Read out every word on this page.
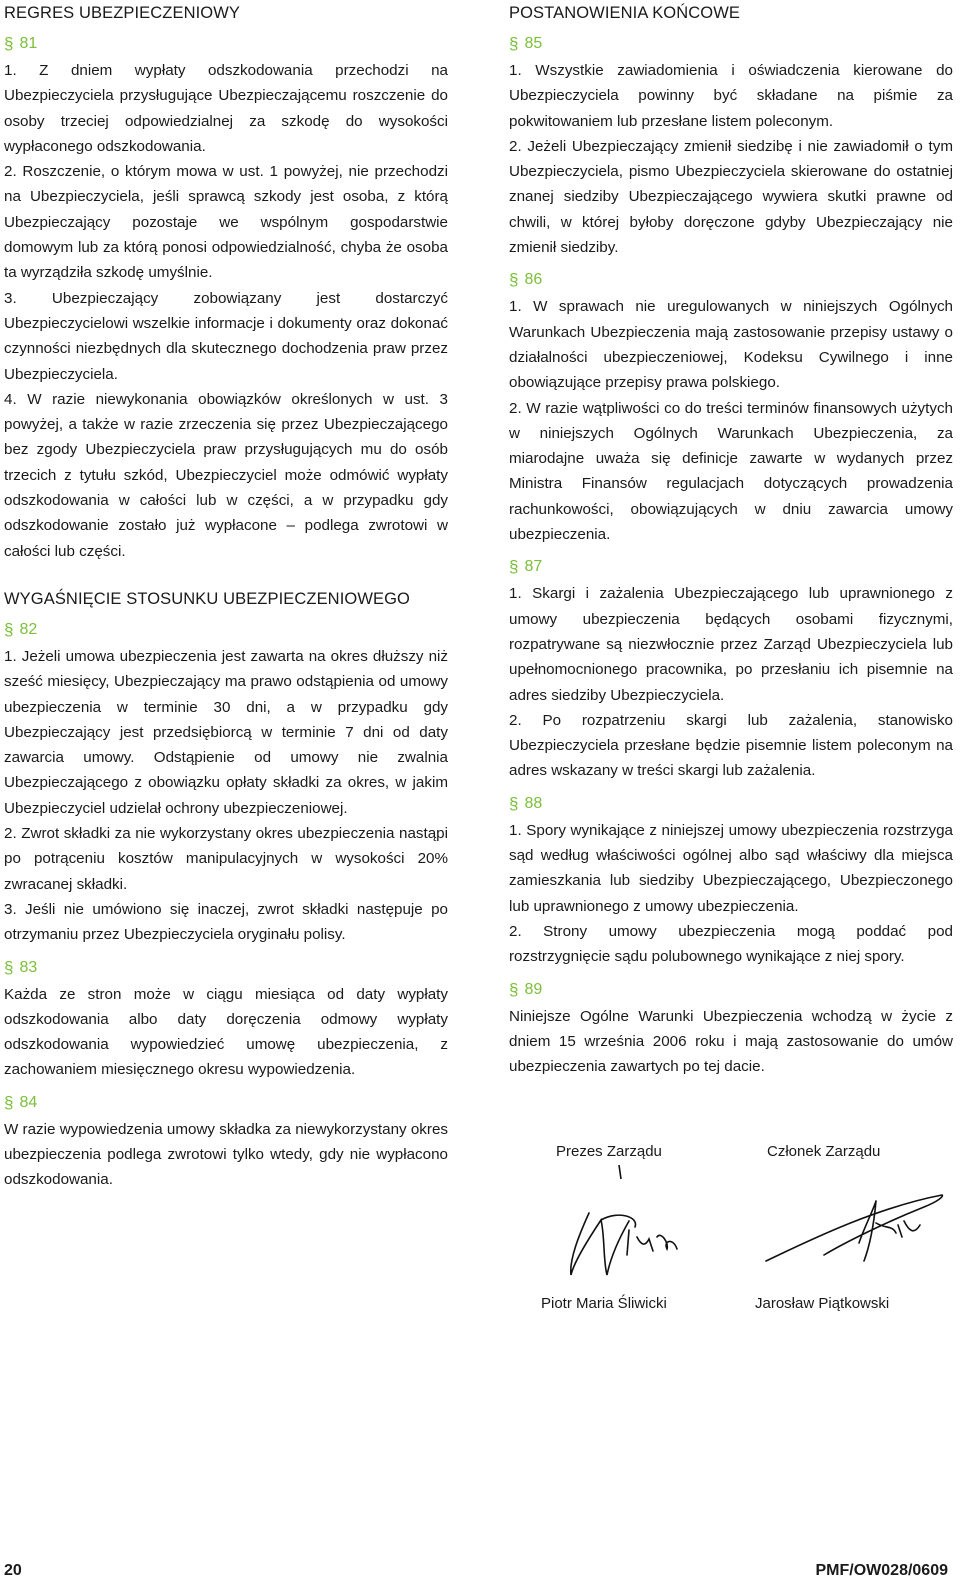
REGRES UBEZPIECZENIOWY
§ 81

1. Z dniem wypłaty odszkodowania przechodzi na Ubezpieczyciela przysługujące Ubezpieczającemu roszczenie do osoby trzeciej odpowiedzialnej za szkodę do wysokości wypłaconego odszkodowania.

2. Roszczenie, o którym mowa w ust. 1 powyżej, nie przechodzi na Ubezpieczyciela, jeśli sprawcą szkody jest osoba, z którą Ubezpieczający pozostaje we wspólnym gospodarstwie domowym lub za którą ponosi odpowiedzialność, chyba że osoba ta wyrządziła szkodę umyślnie.

3. Ubezpieczający zobowiązany jest dostarczyć Ubezpieczycielowi wszelkie informacje i dokumenty oraz dokonać czynności niezbędnych dla skutecznego dochodzenia praw przez Ubezpieczyciela.

4. W razie niewykonania obowiązków określonych w ust. 3 powyżej, a także w razie zrzeczenia się przez Ubezpieczającego bez zgody Ubezpieczyciela praw przysługujących mu do osób trzecich z tytułu szkód, Ubezpieczyciel może odmówić wypłaty odszkodowania w całości lub w części, a w przypadku gdy odszkodowanie zostało już wypłacone – podlega zwrotowi w całości lub części.

WYGAŚNIĘCIE STOSUNKU UBEZPIECZENIOWEGO
§ 82

1. Jeżeli umowa ubezpieczenia jest zawarta na okres dłuższy niż sześć miesięcy, Ubezpieczający ma prawo odstąpienia od umowy ubezpieczenia w terminie 30 dni, a w przypadku gdy Ubezpieczający jest przedsiębiorcą w terminie 7 dni od daty zawarcia umowy. Odstąpienie od umowy nie zwalnia Ubezpieczającego z obowiązku opłaty składki za okres, w jakim Ubezpieczyciel udzielał ochrony ubezpieczeniowej.

2. Zwrot składki za nie wykorzystany okres ubezpieczenia nastąpi po potrąceniu kosztów manipulacyjnych w wysokości 20% zwracanej składki.

3. Jeśli nie umówiono się inaczej, zwrot składki następuje po otrzymaniu przez Ubezpieczyciela oryginału polisy.

§ 83

Każda ze stron może w ciągu miesiąca od daty wypłaty odszkodowania albo daty doręczenia odmowy wypłaty odszkodowania wypowiedzieć umowę ubezpieczenia, z zachowaniem miesięcznego okresu wypowiedzenia.

§ 84

W razie wypowiedzenia umowy składka za niewykorzystany okres ubezpieczenia podlega zwrotowi tylko wtedy, gdy nie wypłacono odszkodowania.

POSTANOWIENIA KOŃCOWE
§ 85

1. Wszystkie zawiadomienia i oświadczenia kierowane do Ubezpieczyciela powinny być składane na piśmie za pokwitowaniem lub przesłane listem poleconym.

2. Jeżeli Ubezpieczający zmienił siedzibę i nie zawiadomił o tym Ubezpieczyciela, pismo Ubezpieczyciela skierowane do ostatniej znanej siedziby Ubezpieczającego wywiera skutki prawne od chwili, w której byłoby doręczone gdyby Ubezpieczający nie zmienił siedziby.

§ 86

1. W sprawach nie uregulowanych w niniejszych Ogólnych Warunkach Ubezpieczenia mają zastosowanie przepisy ustawy o działalności ubezpieczeniowej, Kodeksu Cywilnego i inne obowiązujące przepisy prawa polskiego.

2. W razie wątpliwości co do treści terminów finansowych użytych w niniejszych Ogólnych Warunkach Ubezpieczenia, za miarodajne uważa się definicje zawarte w wydanych przez Ministra Finansów regulacjach dotyczących prowadzenia rachunkowości, obowiązujących w dniu zawarcia umowy ubezpieczenia.

§ 87

1. Skargi i zażalenia Ubezpieczającego lub uprawnionego z umowy ubezpieczenia będących osobami fizycznymi, rozpatrywane są niezwłocznie przez Zarząd Ubezpieczyciela lub upełnomocnionego pracownika, po przesłaniu ich pisemnie na adres siedziby Ubezpieczyciela.

2. Po rozpatrzeniu skargi lub zażalenia, stanowisko Ubezpieczyciela przesłane będzie pisemnie listem poleconym na adres wskazany w treści skargi lub zażalenia.

§ 88

1. Spory wynikające z niniejszej umowy ubezpieczenia rozstrzyga sąd według właściwości ogólnej albo sąd właściwy dla miejsca zamieszkania lub siedziby Ubezpieczającego, Ubezpieczonego lub uprawnionego z umowy ubezpieczenia.

2. Strony umowy ubezpieczenia mogą poddać pod rozstrzygnięcie sądu polubownego wynikające z niej spory.

§ 89

Niniejsze Ogólne Warunki Ubezpieczenia wchodzą w życie z dniem 15 września 2006 roku i mają zastosowanie do umów ubezpieczenia zawartych po tej dacie.

Prezes Zarządu	Członek Zarządu
Piotr Maria Śliwicki	Jarosław Piątkowski
20	PMF/OW028/0609
